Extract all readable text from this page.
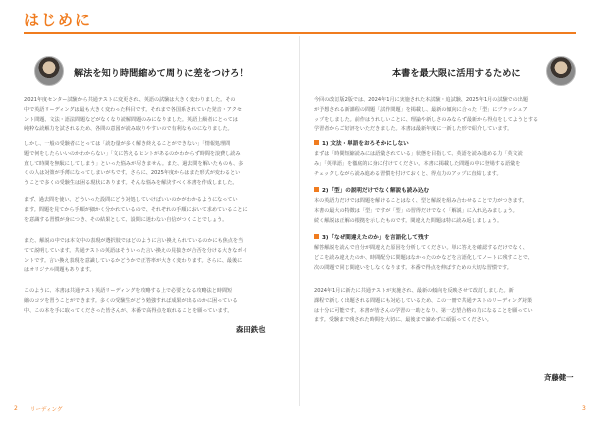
はじめに
解法を知り時間縮めて周りに差をつけろ！
2021年度センター試験から共通テストに変更され、英語の試験は大きく変わりました。その
中で英語リーディングは最も大きく変わった科目です。それまで各国系されていた発音・アクセ
ント問題、文法・語法問題などがなくなり読解問題のみになりました。英語上級者にとっては
純粋な読解力を試されるため、各問の意図が読み取りやすいので有利なものになりました。
しかし、一般の受験者にとっては「読む量が多く解き終えることができない」「情報処理問
題で何をしたらいいのかわからない」「文に答えるヒントがあるのかわからず時間を浪費し読み
直して時間を無駄にしてしまう」といった悩みが尽きません。また、過去問を解いたものも、多
くの人は対策が手薄になってしまいがちです。さらに、2025年度からはまた形式が変わるとい
うことで多くの受験生は困る現状にあります。そんな悩みを解決すべく本書を作成しました。
まず、過去問を使い、どういった設問にどう対処していけばいいのかがわかるようになってい
ます。問題を見てから手順が細かく分かれているので、それぞれの手順において求めていることに
を意識する習慣が身につき、その結果として、設問に迷わない自信がつくことでしょう。
また、解説の中では本文中の表現が選択肢ではどのように言い換えられているのかにも焦点を当
てて説明しています。共通テストの英語はそういった言い換えの見抜きが合否を分ける大きなポイ
ントです。言い換え表現を意識しているかどうかで正答率が大きく変わります。さらに、最後に
はオリジナル問題もあります。
このように、本書は共通テスト英語リーディングを攻略する上で必要となる攻略法と時間短
縮のコツを習うことができます。多くの受験生がどう勉強すれば成果が出るのかに困っている
中、この本を手に取ってくださった皆さんが、本番で高得点を取れることを願っています。
森田鉄也
2 リーディング
本書を最大限に活用するために
今回の改訂版2版では、2024年1月に実施された本試験・追試験、2025年1月の試験での出題
が予想される新課程の問題「試作問題」を掲載し、最新の傾向に合った「型」にブラッシュア
ップをしました。前作はうれしいことに、理論や新しさのみならず最新から得点をしてようとする
学習者からご好評をいただきました。本書は最新年度に一新した形で紹介しています。
1) 文法・単語をおろそかにしない
まずは「時間短縮読みには語彙されている」状態を目指して、英語を読み進める力「英文読
み」「英単語」を徹底的に身に付けてください。本書に掲載した問題の中に登場する語彙を
チェックしながら読み進める習慣を付けておくと、得点力のアップに直結します。
2)「型」の説明だけでなく解説も読み込む
本の英語力だけでは問題を解けることはなく、型と解説を組み合わせることで力がつきます。
本書の最大の特徴は「型」ですが「型」の習得だけでなく「解説」に入れ込みましょう。
続く解説は正解の根拠を示したものです。間違えた問題は特に読み返しましょう。
3)「なぜ間違えたのか」を言語化して残す
解答解説を読んで自分が間違えた原因を分析してください。単に答えを確認するだけでなく、
どこを読み違えたのか、時間配分に問題はなかったのかなどを言語化してノートに残すことで、
次の問題で同じ間違いをしなくなります。本番で得点を伸ばすための大切な習慣です。
2024年1月に新たに共通テストが実施され、最新の傾向を反映させて改訂しました。新
課程で新しく出題される問題にも対応しているため、この一冊で共通テストのリーディング対策
は十分に可能です。本書が皆さんの学習の一助となり、第一志望合格の力になることを願ってい
ます。受験まで残された時間を大切に、最後まで諦めずに頑張ってください。
斉藤健一
3
